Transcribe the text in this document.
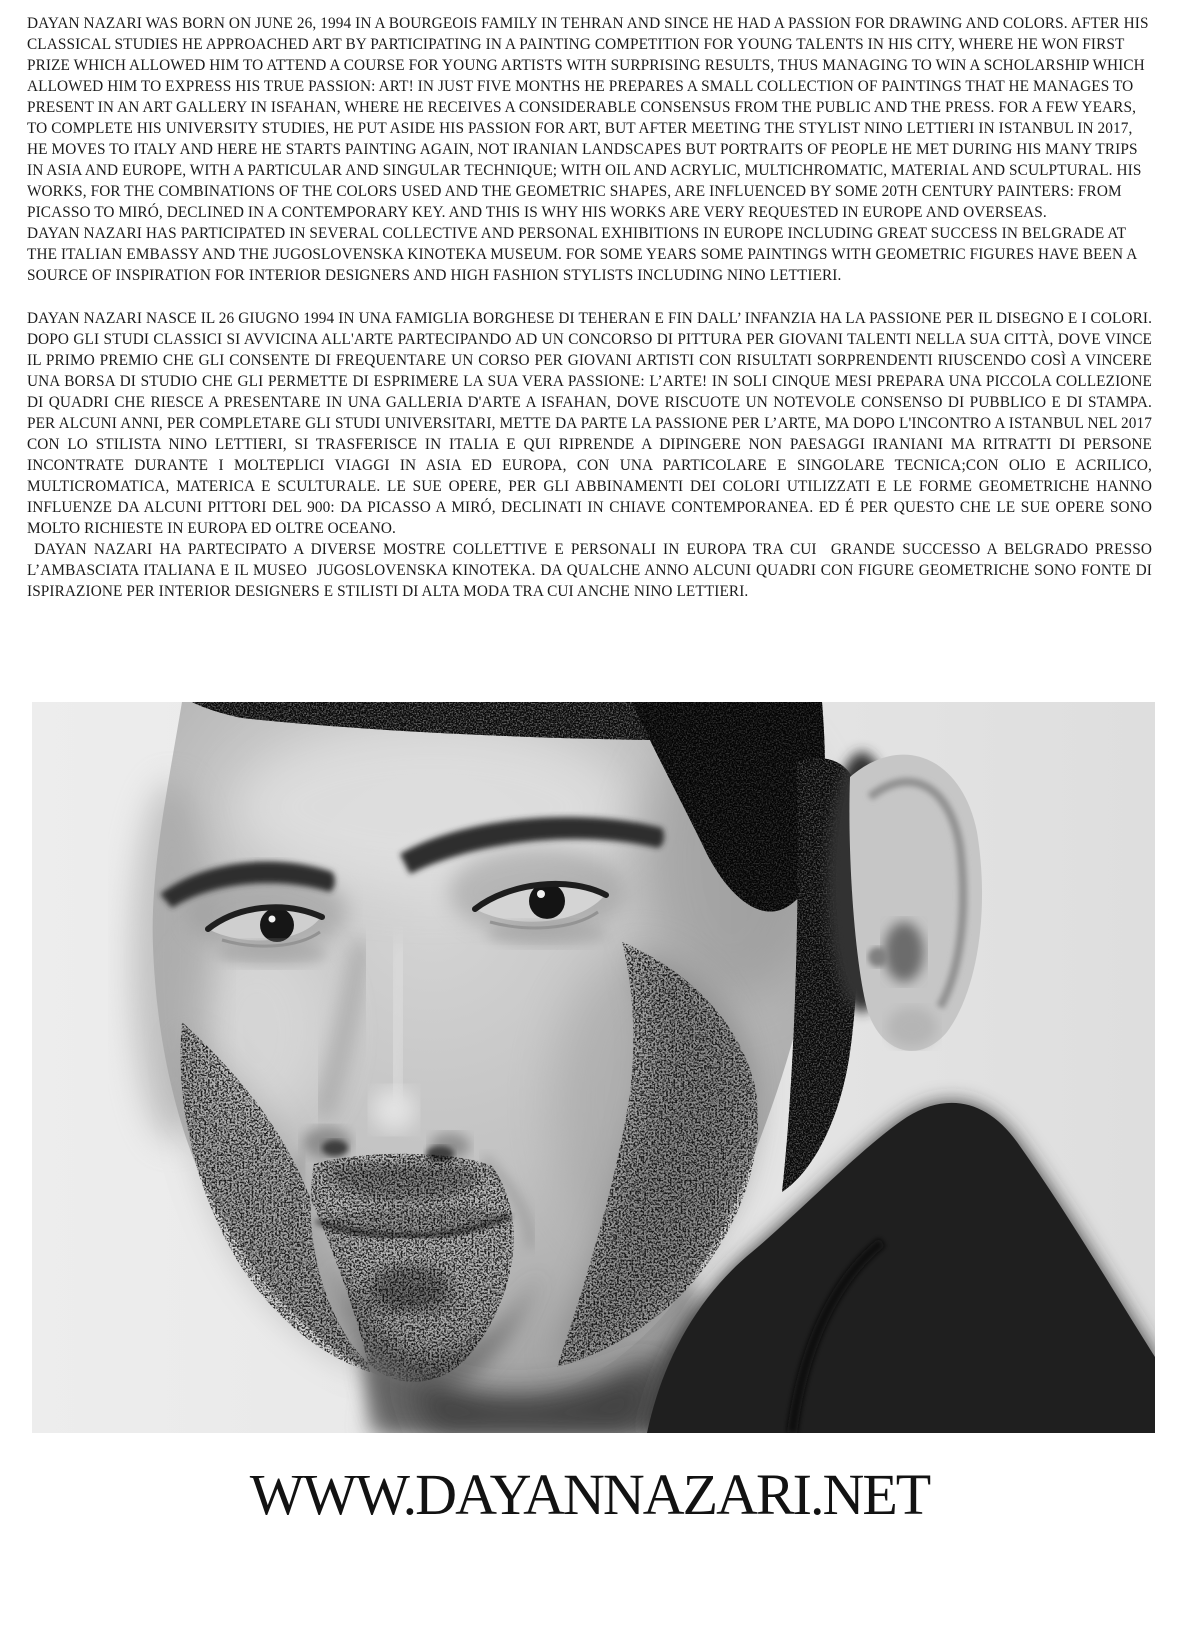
DAYAN NAZARI WAS BORN ON JUNE 26, 1994 IN A BOURGEOIS FAMILY IN TEHRAN AND SINCE HE HAD A PASSION FOR DRAWING AND COLORS. AFTER HIS CLASSICAL STUDIES HE APPROACHED ART BY PARTICIPATING IN A PAINTING COMPETITION FOR YOUNG TALENTS IN HIS CITY, WHERE HE WON FIRST PRIZE WHICH ALLOWED HIM TO ATTEND A COURSE FOR YOUNG ARTISTS WITH SURPRISING RESULTS, THUS MANAGING TO WIN A SCHOLARSHIP WHICH ALLOWED HIM TO EXPRESS HIS TRUE PASSION: ART! IN JUST FIVE MONTHS HE PREPARES A SMALL COLLECTION OF PAINTINGS THAT HE MANAGES TO PRESENT IN AN ART GALLERY IN ISFAHAN, WHERE HE RECEIVES A CONSIDERABLE CONSENSUS FROM THE PUBLIC AND THE PRESS. FOR A FEW YEARS, TO COMPLETE HIS UNIVERSITY STUDIES, HE PUT ASIDE HIS PASSION FOR ART, BUT AFTER MEETING THE STYLIST NINO LETTIERI IN ISTANBUL IN 2017, HE MOVES TO ITALY AND HERE HE STARTS PAINTING AGAIN, NOT IRANIAN LANDSCAPES BUT PORTRAITS OF PEOPLE HE MET DURING HIS MANY TRIPS IN ASIA AND EUROPE, WITH A PARTICULAR AND SINGULAR TECHNIQUE; WITH OIL AND ACRYLIC, MULTICHROMATIC, MATERIAL AND SCULPTURAL. HIS WORKS, FOR THE COMBINATIONS OF THE COLORS USED AND THE GEOMETRIC SHAPES, ARE INFLUENCED BY SOME 20TH CENTURY PAINTERS: FROM PICASSO TO MIRÓ, DECLINED IN A CONTEMPORARY KEY. AND THIS IS WHY HIS WORKS ARE VERY REQUESTED IN EUROPE AND OVERSEAS.

DAYAN NAZARI HAS PARTICIPATED IN SEVERAL COLLECTIVE AND PERSONAL EXHIBITIONS IN EUROPE INCLUDING GREAT SUCCESS IN BELGRADE AT THE ITALIAN EMBASSY AND THE JUGOSLOVENSKA KINOTEKA MUSEUM. FOR SOME YEARS SOME PAINTINGS WITH GEOMETRIC FIGURES HAVE BEEN A SOURCE OF INSPIRATION FOR INTERIOR DESIGNERS AND HIGH FASHION STYLISTS INCLUDING NINO LETTIERI.

DAYAN NAZARI NASCE IL 26 GIUGNO 1994 IN UNA FAMIGLIA BORGHESE DI TEHERAN E FIN DALL’ INFANZIA HA LA PASSIONE PER IL DISEGNO E I COLORI. DOPO GLI STUDI CLASSICI SI AVVICINA ALL'ARTE PARTECIPANDO AD UN CONCORSO DI PITTURA PER GIOVANI TALENTI NELLA SUA CITTÀ, DOVE VINCE IL PRIMO PREMIO CHE GLI CONSENTE DI FREQUENTARE UN CORSO PER GIOVANI ARTISTI CON RISULTATI SORPRENDENTI RIUSCENDO COSÌ A VINCERE UNA BORSA DI STUDIO CHE GLI PERMETTE DI ESPRIMERE LA SUA VERA PASSIONE: L’ARTE! IN SOLI CINQUE MESI PREPARA UNA PICCOLA COLLEZIONE DI QUADRI CHE RIESCE A PRESENTARE IN UNA GALLERIA D'ARTE A ISFAHAN, DOVE RISCUOTE UN NOTEVOLE CONSENSO DI PUBBLICO E DI STAMPA. PER ALCUNI ANNI, PER COMPLETARE GLI STUDI UNIVERSITARI, METTE DA PARTE LA PASSIONE PER L’ARTE, MA DOPO L'INCONTRO A ISTANBUL NEL 2017 CON LO STILISTA NINO LETTIERI, SI TRASFERISCE IN ITALIA E QUI RIPRENDE A DIPINGERE NON PAESAGGI IRANIANI MA RITRATTI DI PERSONE INCONTRATE DURANTE I MOLTEPLICI VIAGGI IN ASIA ED EUROPA, CON UNA PARTICOLARE E SINGOLARE TECNICA;CON OLIO E ACRILICO, MULTICROMATICA, MATERICA E SCULTURALE. LE SUE OPERE, PER GLI ABBINAMENTI DEI COLORI UTILIZZATI E LE FORME GEOMETRICHE HANNO INFLUENZE DA ALCUNI PITTORI DEL 900: DA PICASSO A MIRÓ, DECLINATI IN CHIAVE CONTEMPORANEA. ED É PER QUESTO CHE LE SUE OPERE SONO MOLTO RICHIESTE IN EUROPA ED OLTRE OCEANO.

DAYAN NAZARI HA PARTECIPATO A DIVERSE MOSTRE COLLETTIVE E PERSONALI IN EUROPA TRA CUI  GRANDE SUCCESSO A BELGRADO PRESSO L’AMBASCIATA ITALIANA E IL MUSEO  JUGOSLOVENSKA KINOTEKA. DA QUALCHE ANNO ALCUNI QUADRI CON FIGURE GEOMETRICHE SONO FONTE DI ISPIRAZIONE PER INTERIOR DESIGNERS E STILISTI DI ALTA MODA TRA CUI ANCHE NINO LETTIERI.

WWW.DAYANNAZARI.NET
